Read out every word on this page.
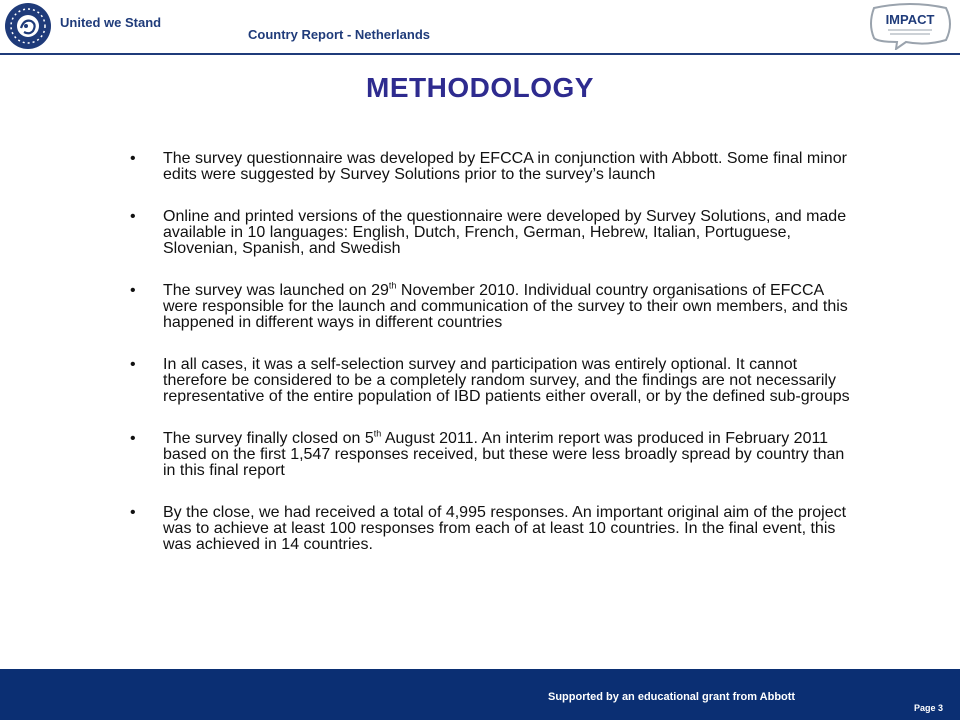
United we Stand
Country Report - Netherlands
IMPACT
METHODOLOGY
• The survey questionnaire was developed by EFCCA in conjunction with Abbott. Some final minor edits were suggested by Survey Solutions prior to the survey’s launch
• Online and printed versions of the questionnaire were developed by Survey Solutions, and made available in 10 languages: English, Dutch, French, German, Hebrew, Italian, Portuguese, Slovenian, Spanish, and Swedish
• The survey was launched on 29th November 2010. Individual country organisations of EFCCA were responsible for the launch and communication of the survey to their own members, and this happened in different ways in different countries
• In all cases, it was a self-selection survey and participation was entirely optional. It cannot therefore be considered to be a completely random survey, and the findings are not necessarily representative of the entire population of IBD patients either overall, or by the defined sub-groups
• The survey finally closed on 5th August 2011. An interim report was produced in February 2011 based on the first 1,547 responses received, but these were less broadly spread by country than in this final report
• By the close, we had received a total of 4,995 responses. An important original aim of the project was to achieve at least 100 responses from each of at least 10 countries. In the final event, this was achieved in 14 countries.
Supported by an educational grant from Abbott
Page 3
